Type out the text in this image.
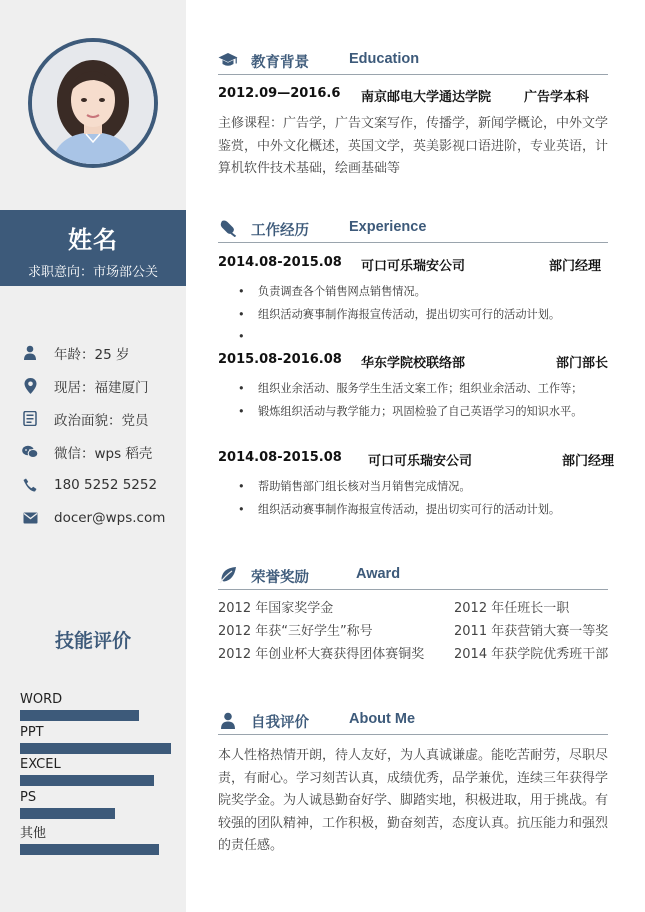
姓名
求职意向：市场部公关
年龄：25 岁
现居：福建厦门
政治面貌：党员
微信：wps 稻壳
180 5252 5252
docer@wps.com
技能评价
WORD
PPT
EXCEL
PS
其他
教育背景	Education
2012.09—2016.6 南京邮电大学通达学院	广告学本科
主修课程：广告学，广告文案写作，传播学，新闻学概论，中外文学鉴赏，中外文化概述，英国文学，英美影视口语进阶，专业英语，计算机软件技术基础，绘画基础等
工作经历	Experience
2014.08-2015.08 可口可乐瑞安公司	部门经理
• 负责调查各个销售网点销售情况。
• 组织活动赛事制作海报宣传活动，提出切实可行的活动计划。
•
2015.08-2016.08 华东学院校联络部	部门部长
• 组织业余活动、服务学生生活文案工作；组织业余活动、工作等；
• 锻炼组织活动与教学能力；巩固检验了自己英语学习的知识水平。
2014.08-2015.08 可口可乐瑞安公司	部门经理
• 帮助销售部门组长核对当月销售完成情况。
• 组织活动赛事制作海报宣传活动，提出切实可行的活动计划。
荣誉奖励	Award
2012 年国家奖学金	2012 年任班长一职
2012 年获“三好学生”称号	2011 年获营销大赛一等奖
2012 年创业杯大赛获得团体赛铜奖 2014 年获学院优秀班干部
自我评价	About Me
本人性格热情开朗，待人友好，为人真诚谦虚。能吃苦耐劳，尽职尽责，有耐心。学习刻苦认真，成绩优秀，品学兼优，连续三年获得学院奖学金。为人诚恳勤奋好学、脚踏实地，积极进取，用于挑战。有较强的团队精神，工作积极，勤奋刻苦，态度认真。抗压能力和强烈的责任感。
